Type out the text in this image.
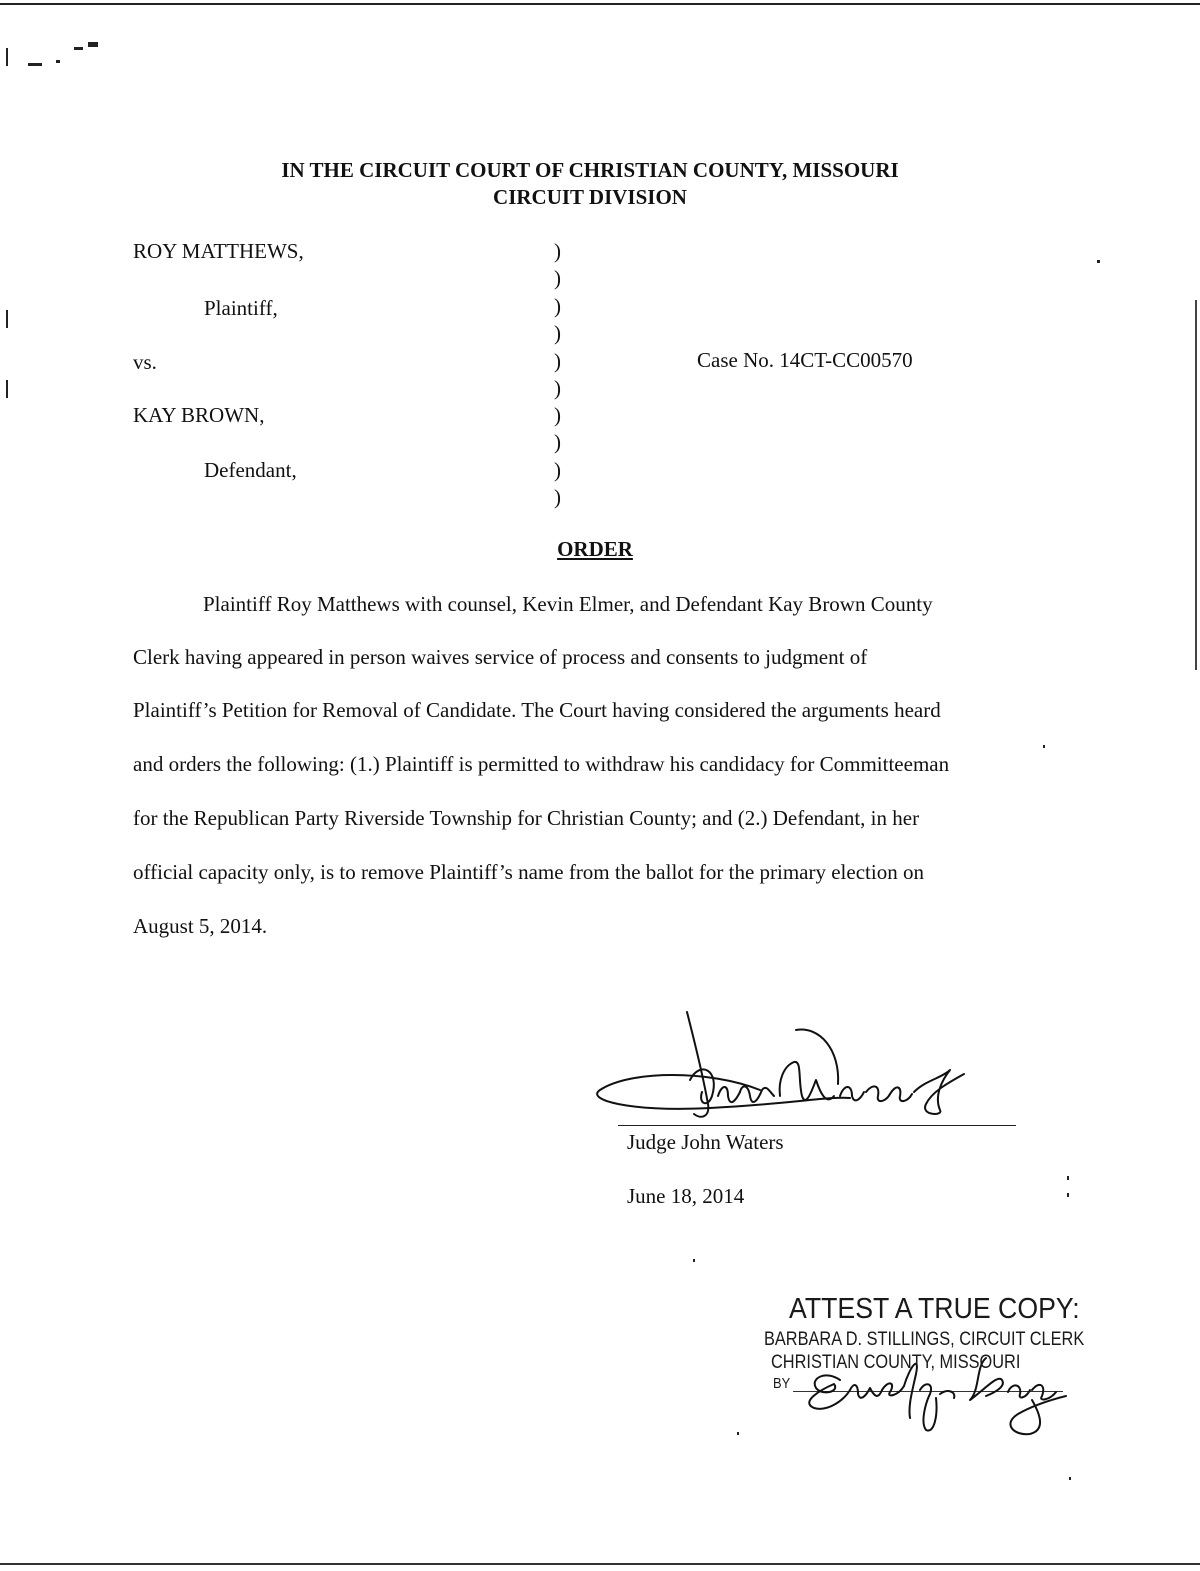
IN THE CIRCUIT COURT OF CHRISTIAN COUNTY, MISSOURI
CIRCUIT DIVISION
ROY MATTHEWS,
Plaintiff,
vs.
KAY BROWN,
Defendant,
Case No. 14CT-CC00570
)
)
)
)
)
)
)
)
)
)
ORDER
Plaintiff Roy Matthews with counsel, Kevin Elmer, and Defendant Kay Brown County
Clerk having appeared in person waives service of process and consents to judgment of
Plaintiff’s Petition for Removal of Candidate. The Court having considered the arguments heard
and orders the following: (1.) Plaintiff is permitted to withdraw his candidacy for Committeeman
for the Republican Party Riverside Township for Christian County; and (2.) Defendant, in her
official capacity only, is to remove Plaintiff’s name from the ballot for the primary election on
August 5, 2014.
Judge John Waters
June 18, 2014
ATTEST A TRUE COPY:
BARBARA D. STILLINGS, CIRCUIT CLERK
CHRISTIAN COUNTY, MISSOURI
BY
